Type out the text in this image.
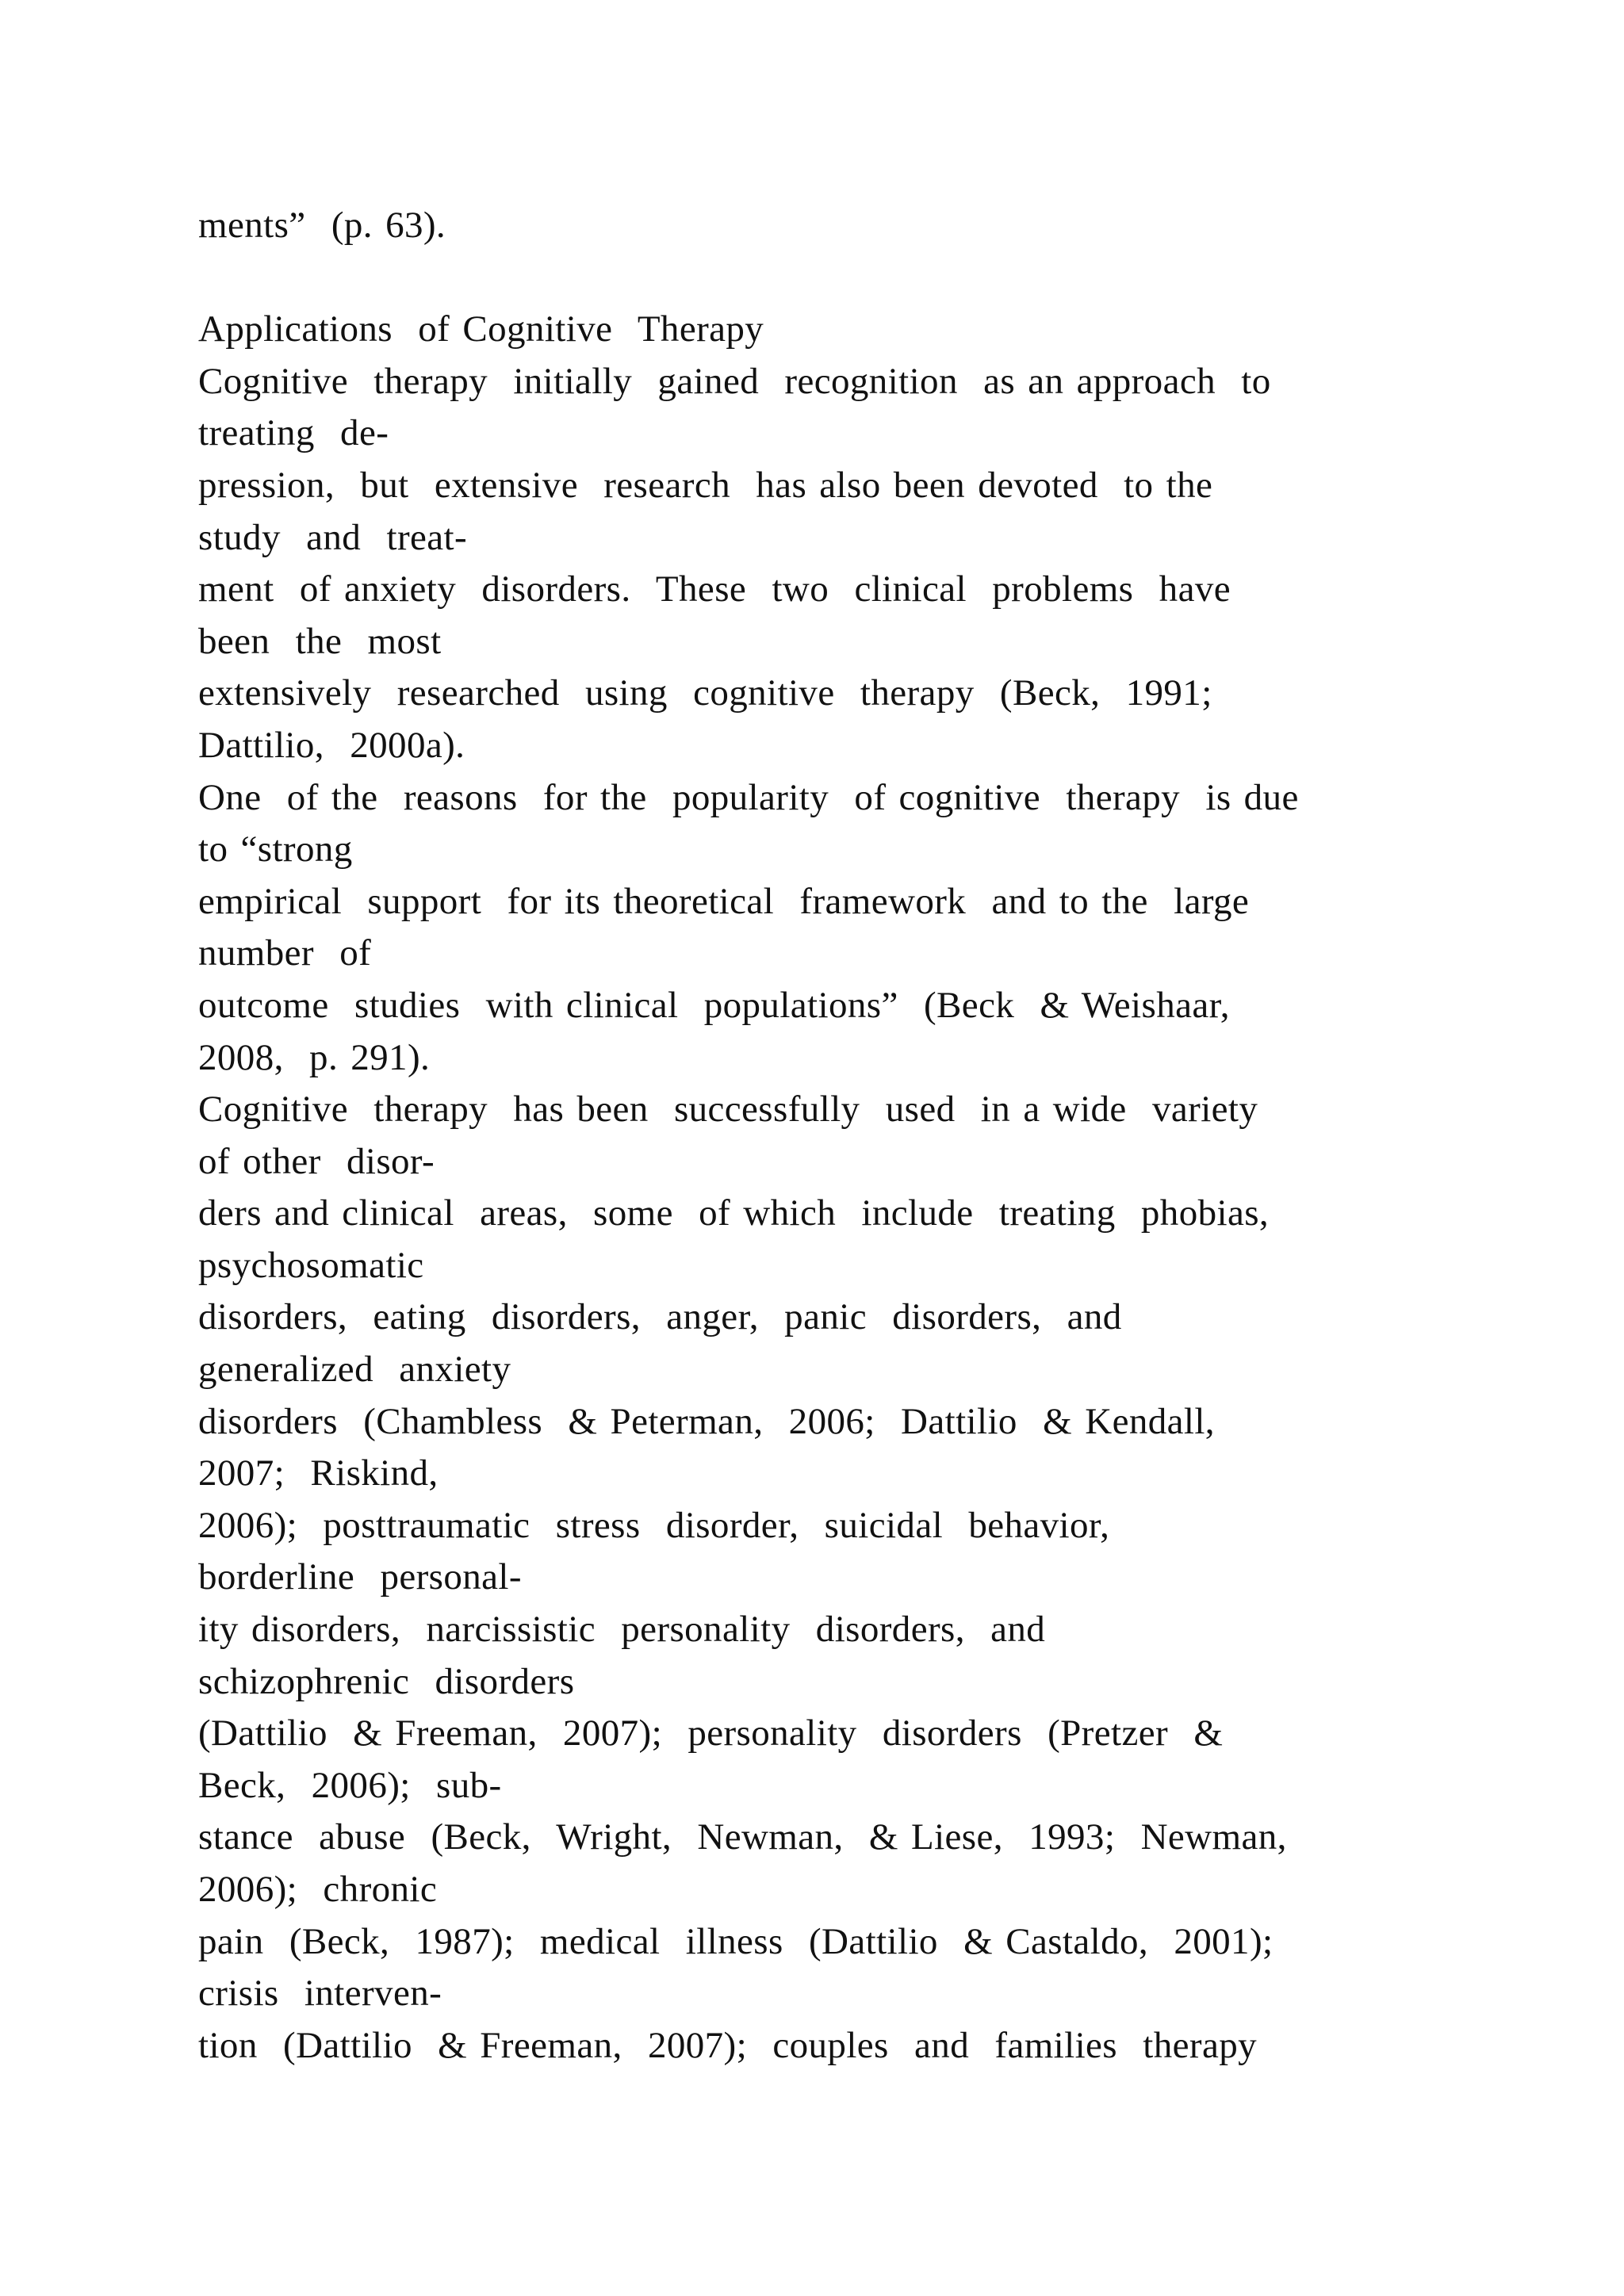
ments”  (p. 63).
Applications  of Cognitive  Therapy
Cognitive  therapy  initially  gained  recognition  as an approach  to
treating  de-
pression,  but  extensive  research  has also been devoted  to the
study  and  treat-
ment  of anxiety  disorders.  These  two  clinical  problems  have
been  the  most
extensively  researched  using  cognitive  therapy  (Beck,  1991;
Dattilio,  2000a).
One  of the  reasons  for the  popularity  of cognitive  therapy  is due
to “strong
empirical  support  for its theoretical  framework  and to the  large
number  of
outcome  studies  with clinical  populations”  (Beck  & Weishaar,
2008,  p. 291).
Cognitive  therapy  has been  successfully  used  in a wide  variety
of other  disor-
ders and clinical  areas,  some  of which  include  treating  phobias,
psychosomatic
disorders,  eating  disorders,  anger,  panic  disorders,  and
generalized  anxiety
disorders  (Chambless  & Peterman,  2006;  Dattilio  & Kendall,
2007;  Riskind,
2006);  posttraumatic  stress  disorder,  suicidal  behavior,
borderline  personal-
ity disorders,  narcissistic  personality  disorders,  and
schizophrenic  disorders
(Dattilio  & Freeman,  2007);  personality  disorders  (Pretzer  &
Beck,  2006);  sub-
stance  abuse  (Beck,  Wright,  Newman,  & Liese,  1993;  Newman,
2006);  chronic
pain  (Beck,  1987);  medical  illness  (Dattilio  & Castaldo,  2001);
crisis  interven-
tion  (Dattilio  & Freeman,  2007);  couples  and  families  therapy
